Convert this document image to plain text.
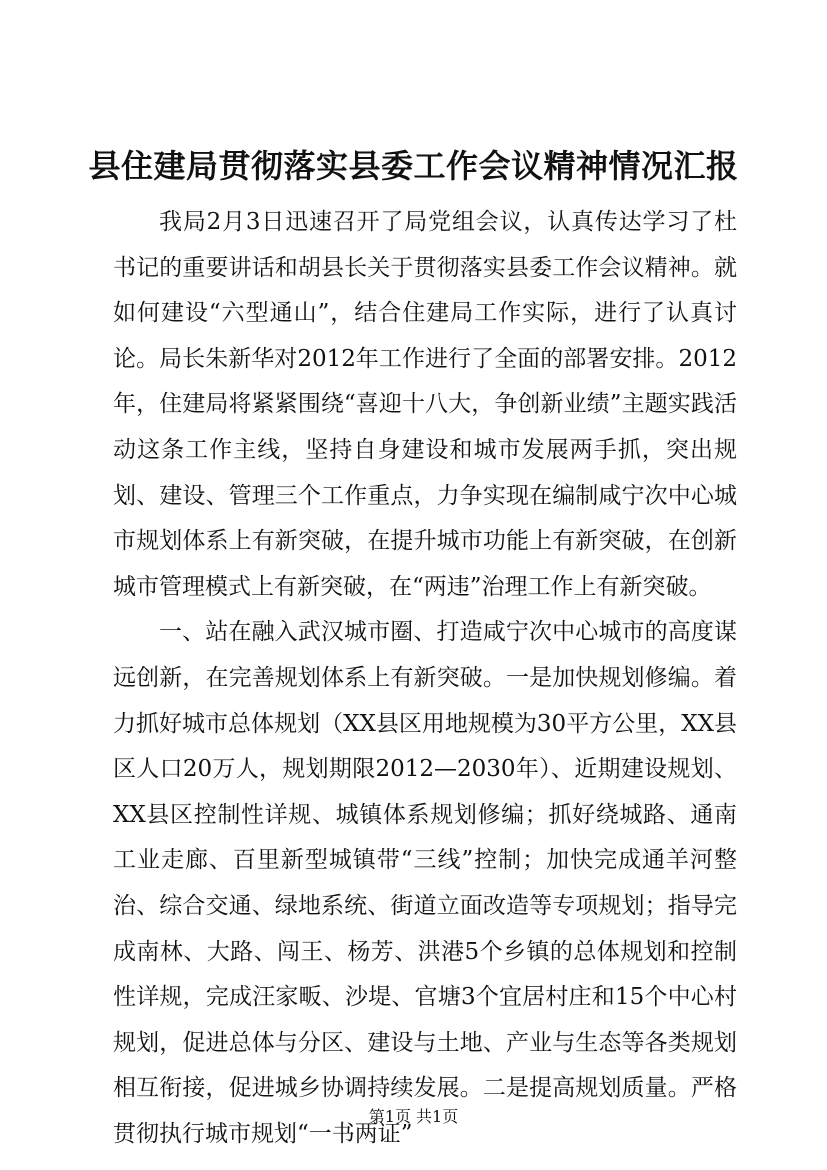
县住建局贯彻落实县委工作会议精神情况汇报

我局2月3日迅速召开了局党组会议，认真传达学习了杜书记的重要讲话和胡县长关于贯彻落实县委工作会议精神。就如何建设“六型通山”，结合住建局工作实际，进行了认真讨论。局长朱新华对2012年工作进行了全面的部署安排。2012年，住建局将紧紧围绕“喜迎十八大，争创新业绩”主题实践活动这条工作主线，坚持自身建设和城市发展两手抓，突出规划、建设、管理三个工作重点，力争实现在编制咸宁次中心城市规划体系上有新突破，在提升城市功能上有新突破，在创新城市管理模式上有新突破，在“两违”治理工作上有新突破。

一、站在融入武汉城市圈、打造咸宁次中心城市的高度谋远创新，在完善规划体系上有新突破。一是加快规划修编。着力抓好城市总体规划（XX县区用地规模为30平方公里，XX县区人口20万人，规划期限2012—2030年）、近期建设规划、XX县区控制性详规、城镇体系规划修编；抓好绕城路、通南工业走廊、百里新型城镇带“三线”控制；加快完成通羊河整治、综合交通、绿地系统、街道立面改造等专项规划；指导完成南林、大路、闯王、杨芳、洪港5个乡镇的总体规划和控制性详规，完成汪家畈、沙堤、官塘3个宜居村庄和15个中心村规划，促进总体与分区、建设与土地、产业与生态等各类规划相互衔接，促进城乡协调持续发展。二是提高规划质量。严格贯彻执行城市规划“一书两证”

第1页 共1页
